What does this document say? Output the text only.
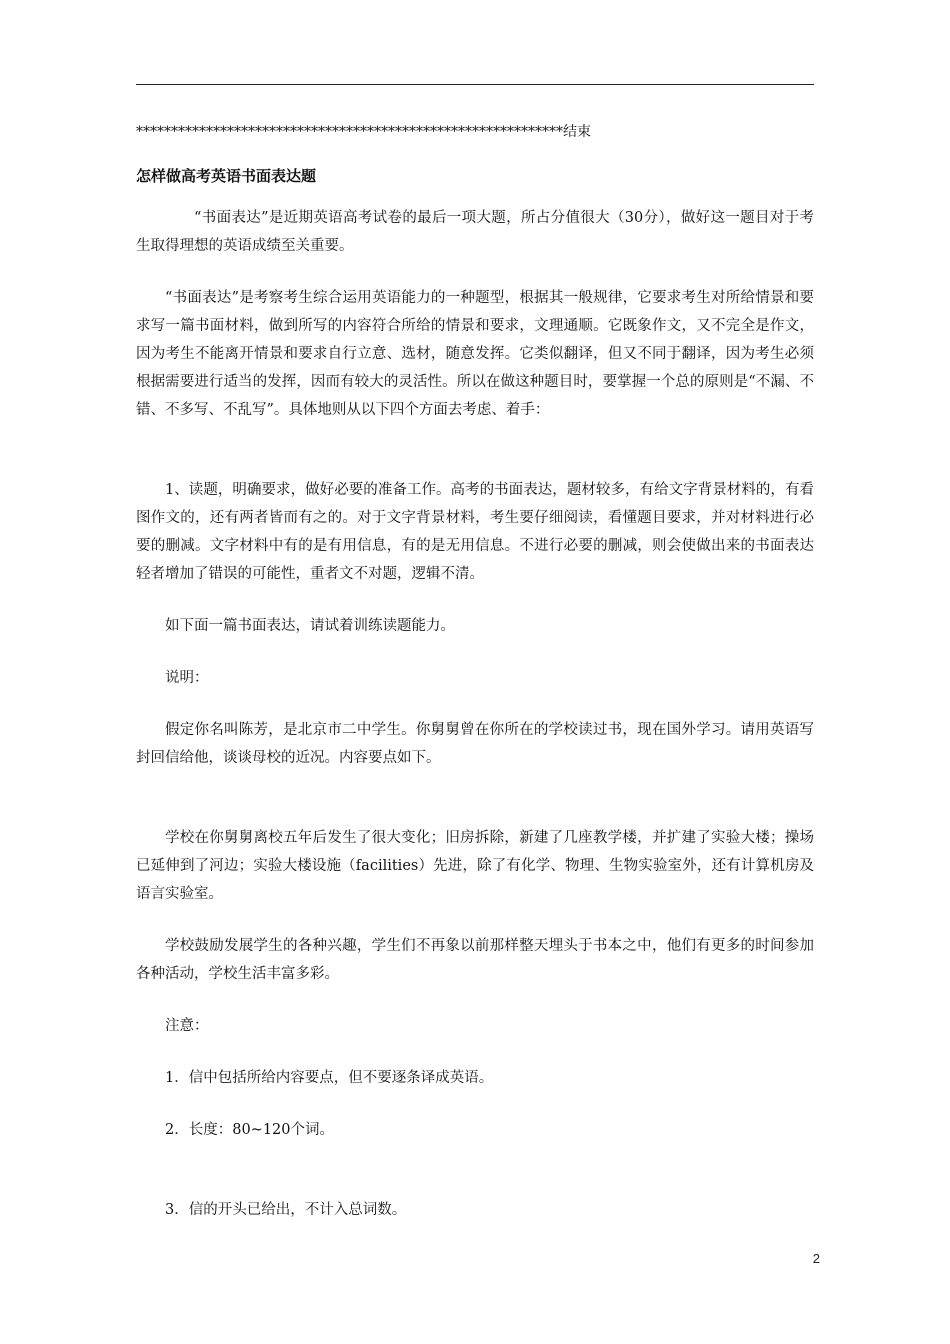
*************************************************************结束
怎样做高考英语书面表达题

“书面表达”是近期英语高考试卷的最后一项大题，所占分值很大（30分），做好这一题目对于考生取得理想的英语成绩至关重要。

“书面表达”是考察考生综合运用英语能力的一种题型，根据其一般规律，它要求考生对所给情景和要求写一篇书面材料，做到所写的内容符合所给的情景和要求，文理通顺。它既象作文，又不完全是作文，因为考生不能离开情景和要求自行立意、选材，随意发挥。它类似翻译，但又不同于翻译，因为考生必须根据需要进行适当的发挥，因而有较大的灵活性。所以在做这种题目时，要掌握一个总的原则是“不漏、不错、不多写、不乱写”。具体地则从以下四个方面去考虑、着手：

1、读题，明确要求，做好必要的准备工作。高考的书面表达，题材较多，有给文字背景材料的，有看图作文的，还有两者皆而有之的。对于文字背景材料，考生要仔细阅读，看懂题目要求，并对材料进行必要的删减。文字材料中有的是有用信息，有的是无用信息。不进行必要的删减，则会使做出来的书面表达轻者增加了错误的可能性，重者文不对题，逻辑不清。

如下面一篇书面表达，请试着训练读题能力。

说明：

假定你名叫陈芳，是北京市二中学生。你舅舅曾在你所在的学校读过书，现在国外学习。请用英语写封回信给他，谈谈母校的近况。内容要点如下。

学校在你舅舅离校五年后发生了很大变化；旧房拆除，新建了几座教学楼，并扩建了实验大楼；操场已延伸到了河边；实验大楼设施（facilities）先进，除了有化学、物理、生物实验室外，还有计算机房及语言实验室。

学校鼓励发展学生的各种兴趣，学生们不再象以前那样整天埋头于书本之中，他们有更多的时间参加各种活动，学校生活丰富多彩。

注意：

1．信中包括所给内容要点，但不要逐条译成英语。

2．长度：80~120个词。

3．信的开头已给出，不计入总词数。

2
